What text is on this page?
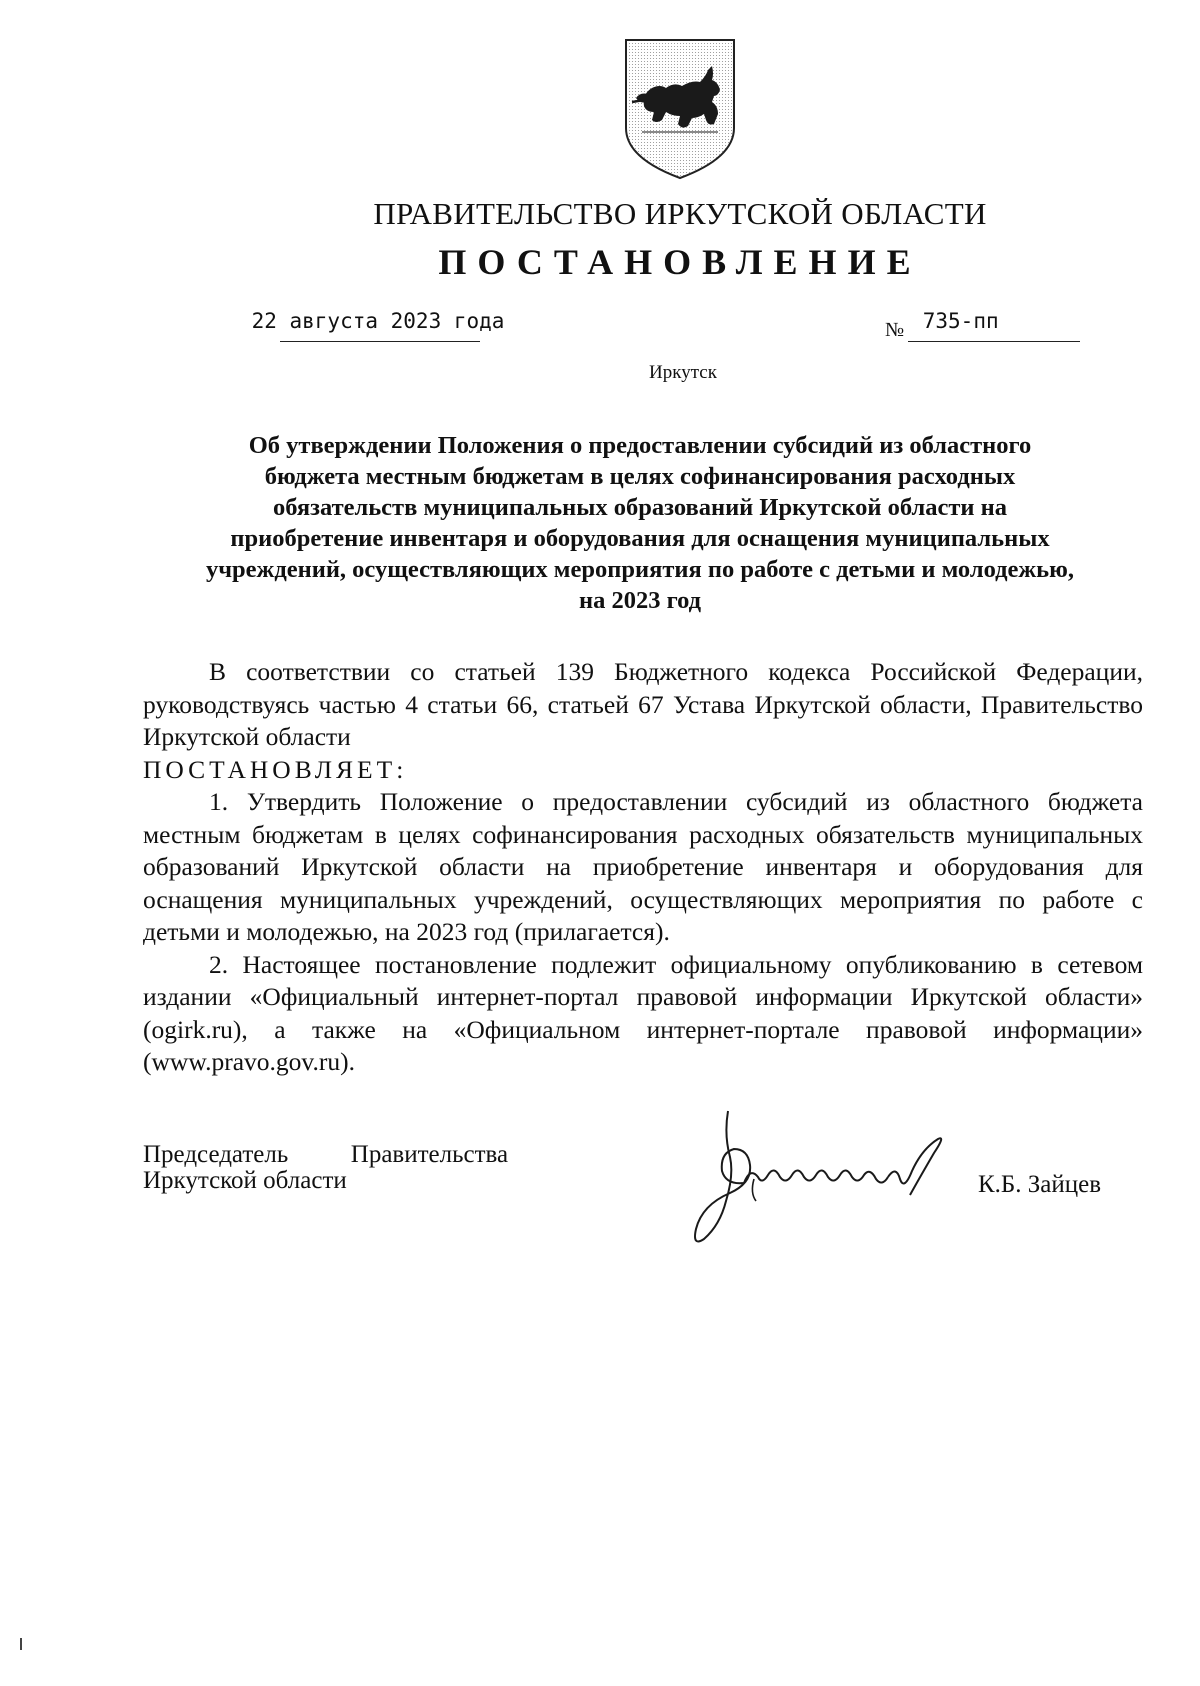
ПРАВИТЕЛЬСТВО ИРКУТСКОЙ ОБЛАСТИ
ПОСТАНОВЛЕНИЕ
22 августа 2023 года	№ 735-пп
Иркутск
Об утверждении Положения о предоставлении субсидий из областного
бюджета местным бюджетам в целях софинансирования расходных
обязательств муниципальных образований Иркутской области на
приобретение инвентаря и оборудования для оснащения муниципальных
учреждений, осуществляющих мероприятия по работе с детьми и молодежью,
на 2023 год

В соответствии со статьей 139 Бюджетного кодекса Российской Федерации, руководствуясь частью 4 статьи 66, статьей 67 Устава Иркутской области, Правительство Иркутской области

ПОСТАНОВЛЯЕТ:

1. Утвердить Положение о предоставлении субсидий из областного бюджета местным бюджетам в целях софинансирования расходных обязательств муниципальных образований Иркутской области на приобретение инвентаря и оборудования для оснащения муниципальных учреждений, осуществляющих мероприятия по работе с детьми и молодежью, на 2023 год (прилагается).

2. Настоящее постановление подлежит официальному опубликованию в сетевом издании «Официальный интернет-портал правовой информации Иркутской области» (ogirk.ru), а также на «Официальном интернет-портале правовой информации» (www.pravo.gov.ru).

Председатель	Правительства
Иркутской области	К.Б. Зайцев
